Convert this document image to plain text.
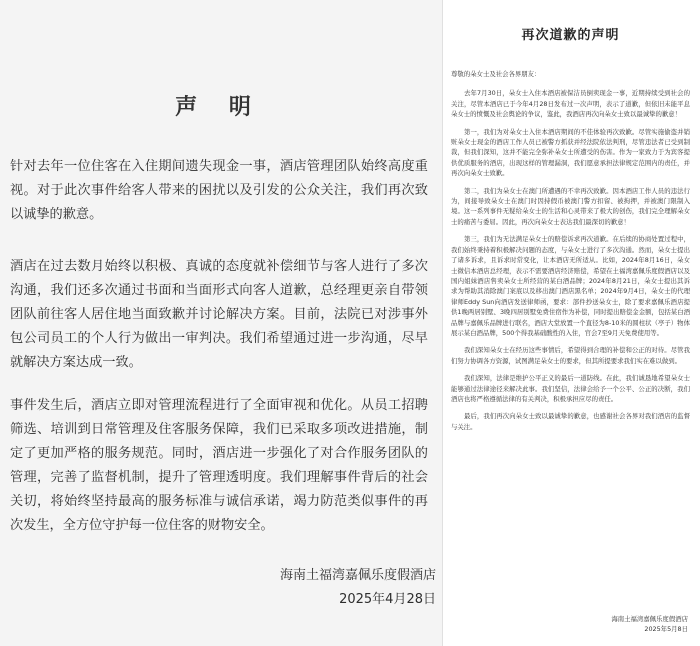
声 明

针对去年一位住客在入住期间遗失现金一事，酒店管理团队始终高度重视。对于此次事件给客人带来的困扰以及引发的公众关注，我们再次致以诚挚的歉意。

酒店在过去数月始终以积极、真诚的态度就补偿细节与客人进行了多次沟通，我们还多次通过书面和当面形式向客人道歉，总经理更亲自带领团队前往客人居住地当面致歉并讨论解决方案。目前，法院已对涉事外包公司员工的个人行为做出一审判决。我们希望通过进一步沟通，尽早就解决方案达成一致。

事件发生后，酒店立即对管理流程进行了全面审视和优化。从员工招聘筛选、培训到日常管理及住客服务保障，我们已采取多项改进措施，制定了更加严格的服务规范。同时，酒店进一步强化了对合作服务团队的管理，完善了监督机制，提升了管理透明度。我们理解事件背后的社会关切，将始终坚持最高的服务标准与诚信承诺，竭力防范类似事件的再次发生，全方位守护每一位住客的财物安全。

海南土福湾嘉佩乐度假酒店
2025年4月28日
再次道歉的声明

尊敬的朵女士及社会各界朋友：

去年7月30日，朵女士入住本酒店被保洁员倒卖现金一事，近期持续受到社会的关注，尽管本酒店已于今年4月28日发布过一次声明，表示了道歉，但依旧未能平息朵女士的愤慨及社会舆论的争议，鉴此，我酒店再次向朵女士致以最诚挚的歉意！

第一，我们为对朵女士入住本酒店期间的不佳体验再次致歉。尽管实施偷盗并销赃朵女士现金的酒店工作人员已被警方抓获并经法院依法判刑，尽管违法者已受到制裁，但我们深知，这并不能完全弥补朵女士所遭受的伤害。作为一家致力于为宾客提供优质服务的酒店，出现这样的管理漏洞，我们愿意承担法律规定范围内的责任，并再次向朵女士致歉。

第二，我们为朵女士在澳门所遭遇的不幸再次致歉。因本酒店工作人员的违法行为，间接导致朵女士在澳门时因持假币被澳门警方扣留、被拘押，并被澳门限制入境。这一系列事件无疑给朵女士的生活和心灵带来了极大的创伤，我们完全理解朵女士的痛苦与委屈。因此，再次向朵女士表达我们最深切的歉意！

第三，我们为无法满足朵女士的赔偿诉求再次道歉。在后续的协商处置过程中，我们始终秉持着积极解决问题的态度，与朵女士进行了多次沟通。然而，朵女士提出了诸多诉求，且诉求时常变化，让本酒店无所适从。比如，2024年8月16日，朵女士微信本酒店总经理，表示不需要酒店经济赔偿，希望在土福湾嘉佩乐度假酒店以及国内姐妹酒店售卖朵女士所经营的某白酒品牌；2024年8月21日，朵女士提出其诉求为帮助其消除澳门案底以及移出澳门酒店黑名单；2024年9月4日，朵女士的代理律师Eddy Sun向酒店发送律师函，要求：部件抄送朵女士，除了要求嘉佩乐酒店提供1晚两居别墅、3晚四居别墅免费住宿作为补偿，同时提出赔偿金金额，包括某白酒品牌与嘉佩乐品牌进行联名，酒店大堂放置一个直径为8-10米的圆柱状（亭子）物体展示某白酒品牌，500个得我基础酸性的入住，官会7至9月天免费使用等。

我们深知朵女士在经历这些事情后，希望得到合理的补偿和公正的对待。尽管我们努力协调各方资源，试图满足朵女士的要求，但其所提要求我们实在难以做到。

我们深知，法律是维护公平正义的最后一道防线。在此，我们诚恳地希望朵女士能够通过法律途径来解决此事。我们坚信，法律会给予一个公平、公正的决断，我们酒店也将严格遵循法律的有关判决，积极承担应尽的责任。

最后，我们再次向朵女士致以最诚挚的歉意，也感谢社会各界对我们酒店的监督与关注。

海南土福湾嘉佩乐度假酒店
2025年5月8日
